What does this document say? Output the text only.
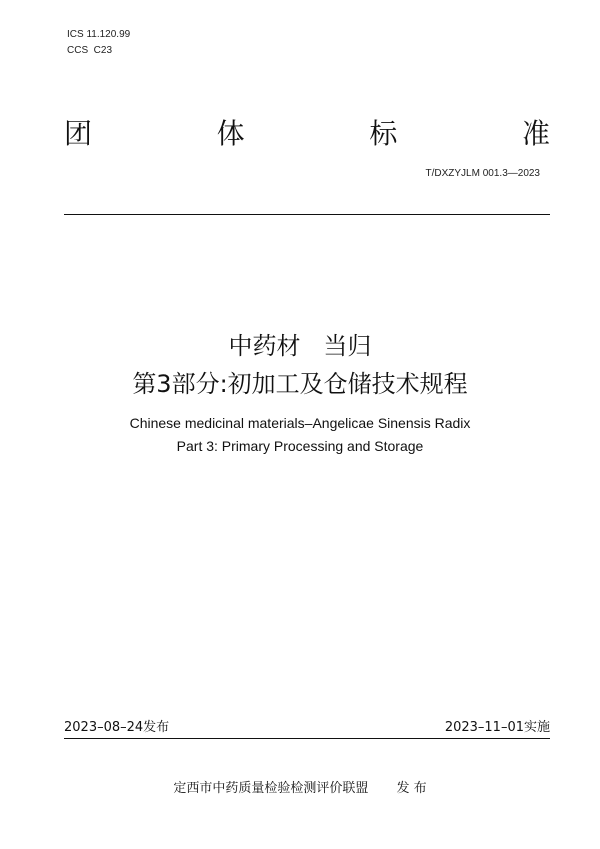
ICS 11.120.99
CCS  C23
团	体	标	准
T/DXZYJLM 001.3—2023
中药材   当归
第3部分:初加工及仓储技术规程
Chinese medicinal materials–Angelicae Sinensis Radix
Part 3: Primary Processing and Storage
2023–08–24发布	2023–11–01实施
定西市中药质量检验检测评价联盟 发 布
